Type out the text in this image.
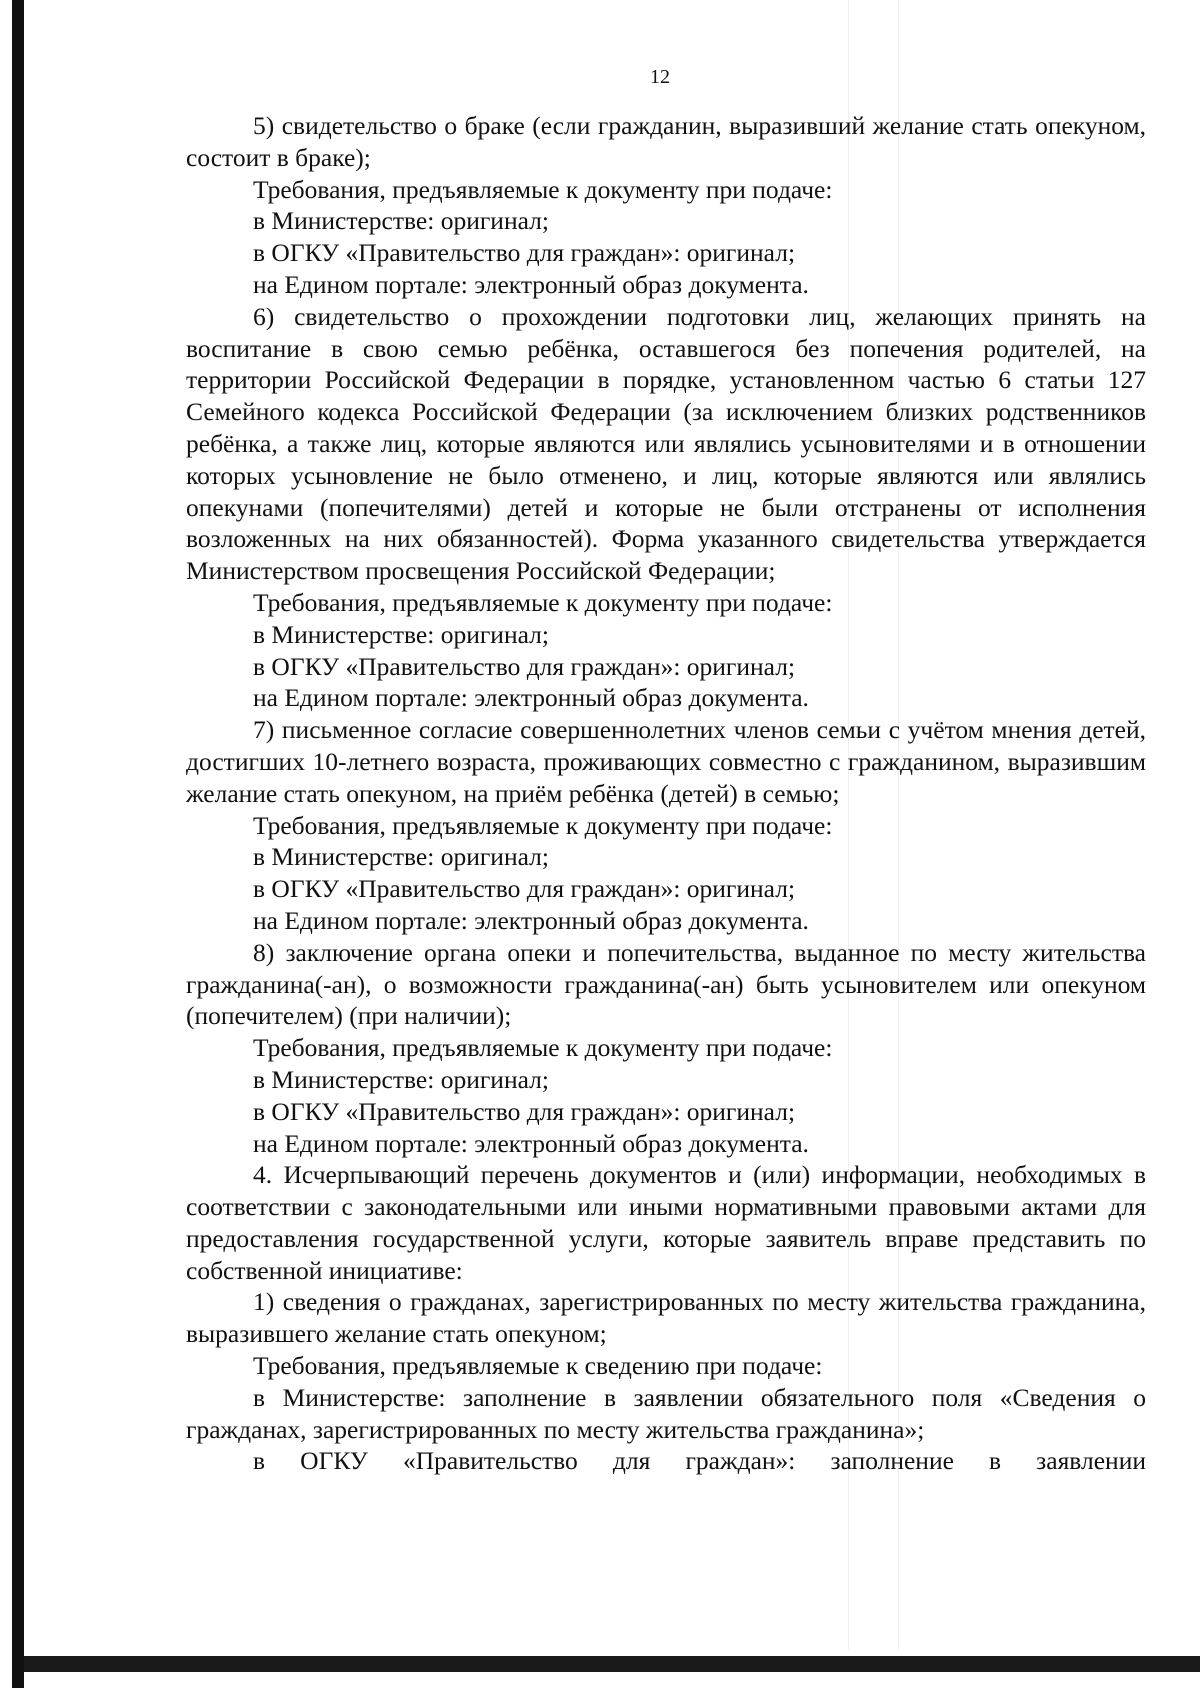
12

5) свидетельство о браке (если гражданин, выразивший желание стать опекуном, состоит в браке);

Требования, предъявляемые к документу при подаче:

в Министерстве: оригинал;

в ОГКУ «Правительство для граждан»: оригинал;

на Едином портале: электронный образ документа.

6) свидетельство о прохождении подготовки лиц, желающих принять на воспитание в свою семью ребёнка, оставшегося без попечения родителей, на территории Российской Федерации в порядке, установленном частью 6 статьи 127 Семейного кодекса Российской Федерации (за исключением близких родственников ребёнка, а также лиц, которые являются или являлись усыновителями и в отношении которых усыновление не было отменено, и лиц, которые являются или являлись опекунами (попечителями) детей и которые не были отстранены от исполнения возложенных на них обязанностей). Форма указанного свидетельства утверждается Министерством просвещения Российской Федерации;

Требования, предъявляемые к документу при подаче:

в Министерстве: оригинал;

в ОГКУ «Правительство для граждан»: оригинал;

на Едином портале: электронный образ документа.

7) письменное согласие совершеннолетних членов семьи с учётом мнения детей, достигших 10-летнего возраста, проживающих совместно с гражданином, выразившим желание стать опекуном, на приём ребёнка (детей) в семью;

Требования, предъявляемые к документу при подаче:

в Министерстве: оригинал;

в ОГКУ «Правительство для граждан»: оригинал;

на Едином портале: электронный образ документа.

8) заключение органа опеки и попечительства, выданное по месту жительства гражданина(-ан), о возможности гражданина(-ан) быть усыновителем или опекуном (попечителем) (при наличии);

Требования, предъявляемые к документу при подаче:

в Министерстве: оригинал;

в ОГКУ «Правительство для граждан»: оригинал;

на Едином портале: электронный образ документа.

4. Исчерпывающий перечень документов и (или) информации, необходимых в соответствии с законодательными или иными нормативными правовыми актами для предоставления государственной услуги, которые заявитель вправе представить по собственной инициативе:

1) сведения о гражданах, зарегистрированных по месту жительства гражданина, выразившего желание стать опекуном;

Требования, предъявляемые к сведению при подаче:

в Министерстве: заполнение в заявлении обязательного поля «Сведения о гражданах, зарегистрированных по месту жительства гражданина»;

в ОГКУ «Правительство для граждан»: заполнение в заявлении
